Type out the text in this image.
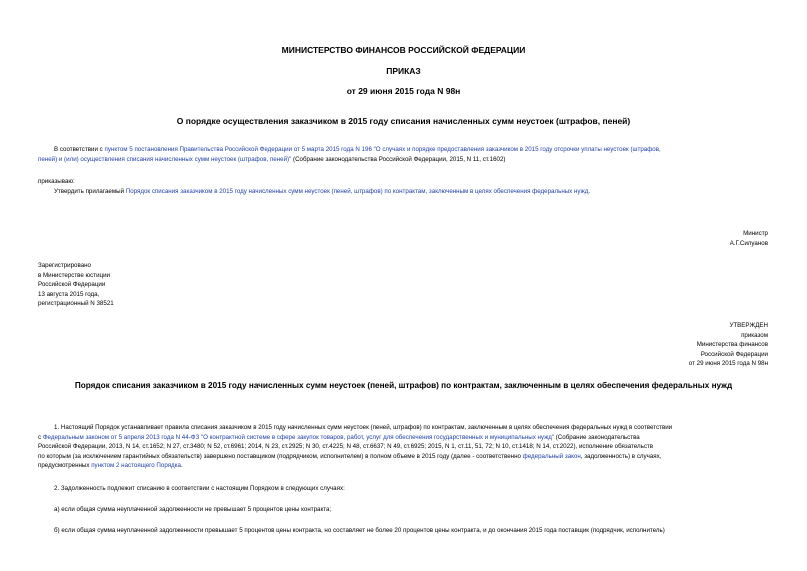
МИНИСТЕРСТВО ФИНАНСОВ РОССИЙСКОЙ ФЕДЕРАЦИИ
ПРИКАЗ
от 29 июня 2015 года N 98н
О порядке осуществления заказчиком в 2015 году списания начисленных сумм неустоек (штрафов, пеней)
В соответствии с пунктом 5 постановления Правительства Российской Федерации от 5 марта 2015 года N 196 "О случаях и порядке предоставления заказчиком в 2015 году отсрочки уплаты неустоек (штрафов,
пеней) и (или) осуществления списания начисленных сумм неустоек (штрафов, пеней)" (Собрание законодательства Российской Федерации, 2015, N 11, ст.1602)
приказываю:
Утвердить прилагаемый Порядок списания заказчиком в 2015 году начисленных сумм неустоек (пеней, штрафов) по контрактам, заключенным в целях обеспечения федеральных нужд.
Министр
А.Г.Силуанов
Зарегистрировано
в Министерстве юстиции
Российской Федерации
13 августа 2015 года,
регистрационный N 38521
УТВЕРЖДЕН
приказом
Министерства финансов
Российской Федерации
от 29 июня 2015 года N 98н
Порядок списания заказчиком в 2015 году начисленных сумм неустоек (пеней, штрафов) по контрактам, заключенным в целях обеспечения федеральных нужд
1. Настоящий Порядок устанавливает правила списания заказчиком в 2015 году начисленных сумм неустоек (пеней, штрафов) по контрактам, заключенным в целях обеспечения федеральных нужд в соответствии
с Федеральным законом от 5 апреля 2013 года N 44-ФЗ "О контрактной системе в сфере закупок товаров, работ, услуг для обеспечения государственных и муниципальных нужд" (Собрание законодательства
Российской Федерации, 2013, N 14, ст.1652; N 27, ст.3480; N 52, ст.6961; 2014, N 23, ст.2925; N 30, ст.4225; N 48, ст.6637; N 49, ст.6925; 2015, N 1, ст.11, 51, 72; N 10, ст.1418; N 14, ст.2022), исполнение обязательств
по которым (за исключением гарантийных обязательств) завершено поставщиком (подрядчиком, исполнителем) в полном объеме в 2015 году (далее - соответственно федеральный закон, задолженность) в случаях,
предусмотренных пунктом 2 настоящего Порядка.
2. Задолженность подлежит списанию в соответствии с настоящим Порядком в следующих случаях:
а) если общая сумма неуплаченной задолженности не превышает 5 процентов цены контракта;
б) если общая сумма неуплаченной задолженности превышает 5 процентов цены контракта, но составляет не более 20 процентов цены контракта, и до окончания 2015 года поставщик (подрядчик, исполнитель)
